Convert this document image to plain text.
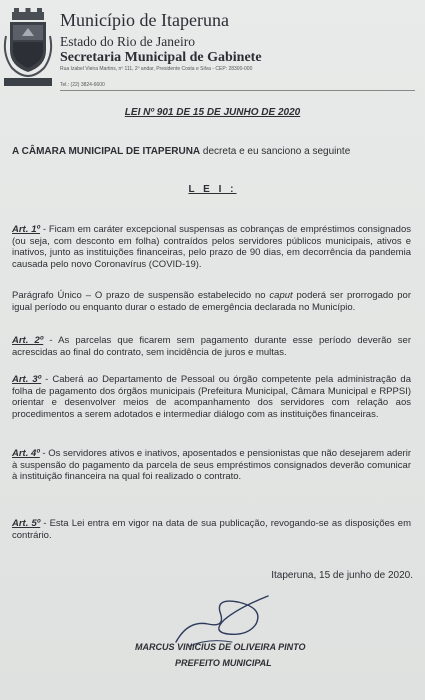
Município de Itaperuna
Estado do Rio de Janeiro
Secretaria Municipal de Gabinete
Rua Izabel Vieira Martins, nº 111, 2º andar, Presidente Costa e Silva - CEP: 28300-000
Tel.: (22) 3824-6600
LEI Nº 901 DE 15 DE JUNHO DE 2020
A CÂMARA MUNICIPAL DE ITAPERUNA decreta e eu sanciono a seguinte
L E I :
Art. 1º - Ficam em caráter excepcional suspensas as cobranças de empréstimos consignados (ou seja, com desconto em folha) contraídos pelos servidores públicos municipais, ativos e inativos, junto as instituições financeiras, pelo prazo de 90 dias, em decorrência da pandemia causada pelo novo Coronavírus (COVID-19).
Parágrafo Único – O prazo de suspensão estabelecido no caput poderá ser prorrogado por igual período ou enquanto durar o estado de emergência declarada no Município.
Art. 2º - As parcelas que ficarem sem pagamento durante esse período deverão ser acrescidas ao final do contrato, sem incidência de juros e multas.
Art. 3º - Caberá ao Departamento de Pessoal ou órgão competente pela administração da folha de pagamento dos órgãos municipais (Prefeitura Municipal, Câmara Municipal e RPPSI) orientar e desenvolver meios de acompanhamento dos servidores com relação aos procedimentos a serem adotados e intermediar diálogo com as instituições financeiras.
Art. 4º - Os servidores ativos e inativos, aposentados e pensionistas que não desejarem aderir à suspensão do pagamento da parcela de seus empréstimos consignados deverão comunicar à instituição financeira na qual foi realizado o contrato.
Art. 5º - Esta Lei entra em vigor na data de sua publicação, revogando-se as disposições em contrário.
Itaperuna, 15 de junho de 2020.
MARCUS VINICIUS DE OLIVEIRA PINTO
PREFEITO MUNICIPAL
